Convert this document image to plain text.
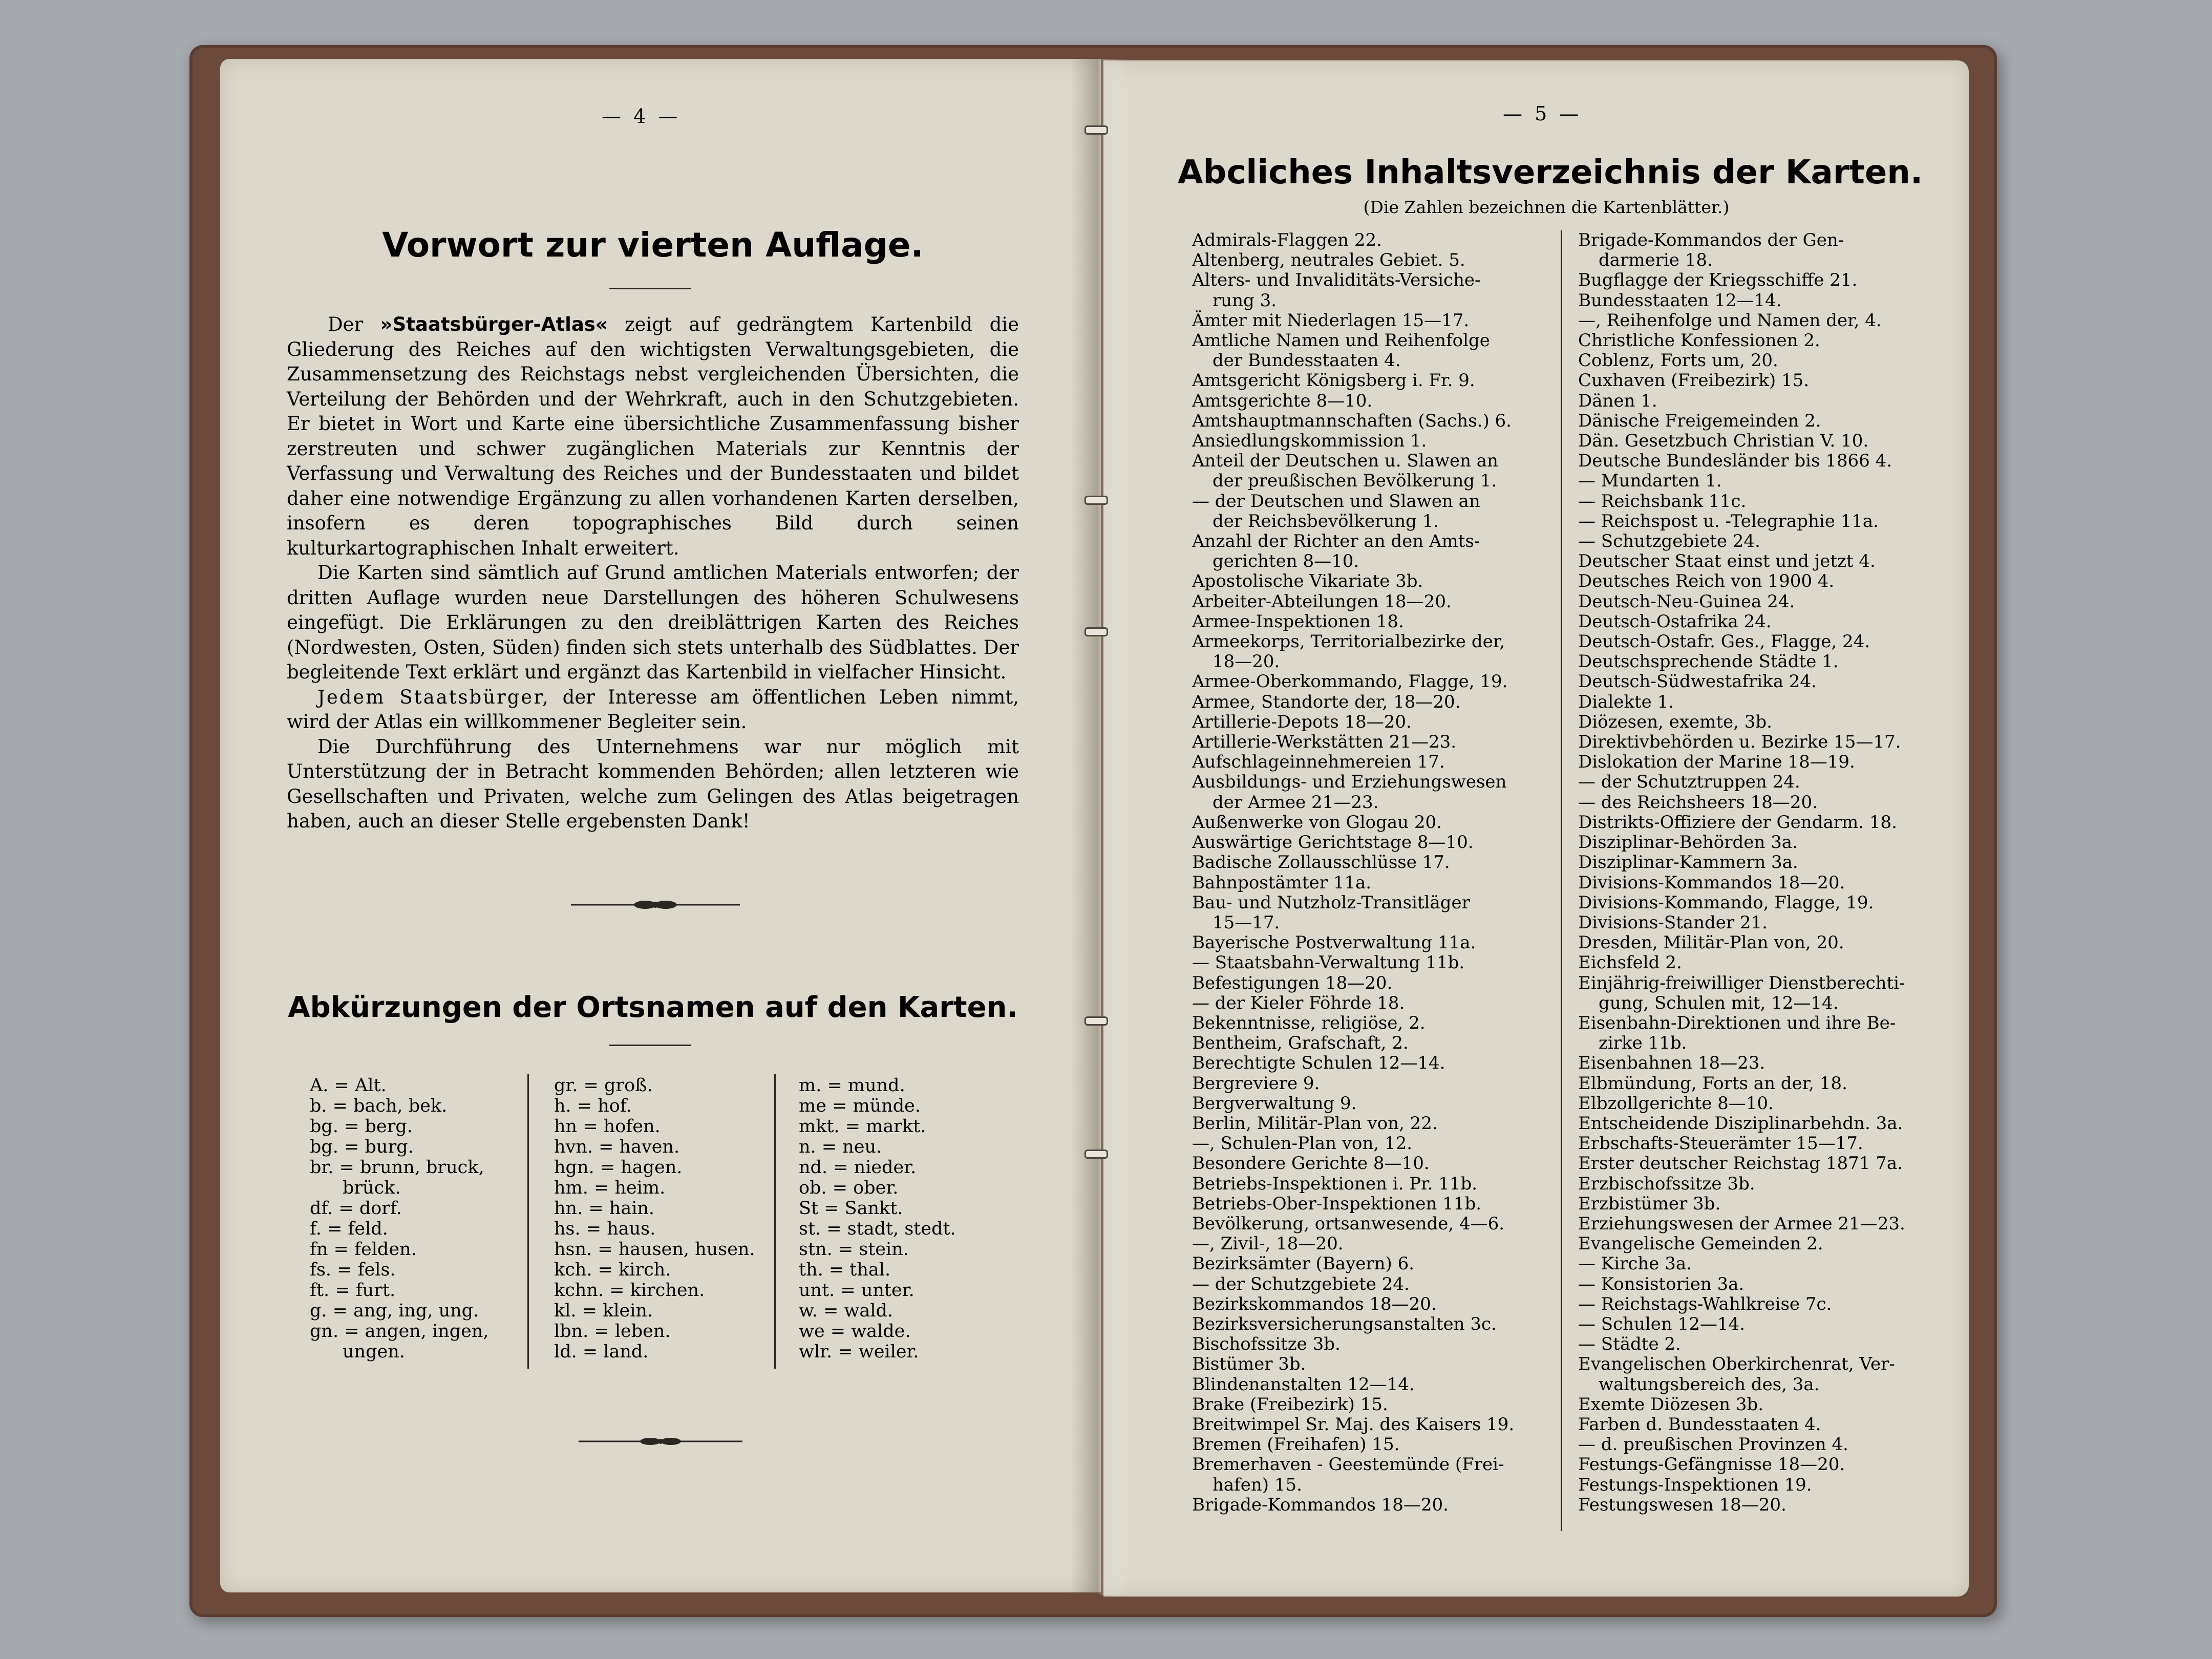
— 4 —
Vorwort zur vierten Auflage.

Der »Staatsbürger-Atlas« zeigt auf gedrängtem Kartenbild die Gliederung des Reiches auf den wichtigsten Verwaltungsgebieten, die Zusammensetzung des Reichstags nebst vergleichenden Übersichten, die Verteilung der Behörden und der Wehrkraft, auch in den Schutzgebieten. Er bietet in Wort und Karte eine übersichtliche Zusammenfassung bisher zerstreuten und schwer zugänglichen Materials zur Kenntnis der Verfassung und Verwaltung des Reiches und der Bundesstaaten und bildet daher eine notwendige Ergänzung zu allen vorhandenen Karten derselben, insofern es deren topographisches Bild durch seinen kulturkartographischen Inhalt erweitert.

Die Karten sind sämtlich auf Grund amtlichen Materials entworfen; der dritten Auflage wurden neue Darstellungen des höheren Schulwesens eingefügt. Die Erklärungen zu den dreiblättrigen Karten des Reiches (Nordwesten, Osten, Süden) finden sich stets unterhalb des Südblattes. Der begleitende Text erklärt und ergänzt das Kartenbild in vielfacher Hinsicht.

Jedem Staatsbürger, der Interesse am öffentlichen Leben nimmt, wird der Atlas ein willkommener Begleiter sein.

Die Durchführung des Unternehmens war nur möglich mit Unterstützung der in Betracht kommenden Behörden; allen letzteren wie Gesellschaften und Privaten, welche zum Gelingen des Atlas beigetragen haben, auch an dieser Stelle ergebensten Dank!

Abkürzungen der Ortsnamen auf den Karten.
A. = Alt.
b. = bach, bek.
bg. = berg.
bg. = burg.
br. = brunn, bruck,
brück.
df. = dorf.
f. = feld.
fn = felden.
fs. = fels.
ft. = furt.
g. = ang, ing, ung.
gn. = angen, ingen,
ungen.
gr. = groß.
h. = hof.
hn = hofen.
hvn. = haven.
hgn. = hagen.
hm. = heim.
hn. = hain.
hs. = haus.
hsn. = hausen, husen.
kch. = kirch.
kchn. = kirchen.
kl. = klein.
lbn. = leben.
ld. = land.
m. = mund.
me = münde.
mkt. = markt.
n. = neu.
nd. = nieder.
ob. = ober.
St = Sankt.
st. = stadt, stedt.
stn. = stein.
th. = thal.
unt. = unter.
w. = wald.
we = walde.
wlr. = weiler.
— 5 —
Abcliches Inhaltsverzeichnis der Karten.
(Die Zahlen bezeichnen die Kartenblätter.)
Admirals-Flaggen 22.
Altenberg, neutrales Gebiet. 5.
Alters- und Invaliditäts-Versiche-
rung 3.
Ämter mit Niederlagen 15—17.
Amtliche Namen und Reihenfolge
der Bundesstaaten 4.
Amtsgericht Königsberg i. Fr. 9.
Amtsgerichte 8—10.
Amtshauptmannschaften (Sachs.) 6.
Ansiedlungskommission 1.
Anteil der Deutschen u. Slawen an
der preußischen Bevölkerung 1.
— der Deutschen und Slawen an
der Reichsbevölkerung 1.
Anzahl der Richter an den Amts-
gerichten 8—10.
Apostolische Vikariate 3b.
Arbeiter-Abteilungen 18—20.
Armee-Inspektionen 18.
Armeekorps, Territorialbezirke der,
18—20.
Armee-Oberkommando, Flagge, 19.
Armee, Standorte der, 18—20.
Artillerie-Depots 18—20.
Artillerie-Werkstätten 21—23.
Aufschlageinnehmereien 17.
Ausbildungs- und Erziehungswesen
der Armee 21—23.
Außenwerke von Glogau 20.
Auswärtige Gerichtstage 8—10.
Badische Zollausschlüsse 17.
Bahnpostämter 11a.
Bau- und Nutzholz-Transitläger
15—17.
Bayerische Postverwaltung 11a.
— Staatsbahn-Verwaltung 11b.
Befestigungen 18—20.
— der Kieler Föhrde 18.
Bekenntnisse, religiöse, 2.
Bentheim, Grafschaft, 2.
Berechtigte Schulen 12—14.
Bergreviere 9.
Bergverwaltung 9.
Berlin, Militär-Plan von, 22.
—, Schulen-Plan von, 12.
Besondere Gerichte 8—10.
Betriebs-Inspektionen i. Pr. 11b.
Betriebs-Ober-Inspektionen 11b.
Bevölkerung, ortsanwesende, 4—6.
—, Zivil-, 18—20.
Bezirksämter (Bayern) 6.
— der Schutzgebiete 24.
Bezirkskommandos 18—20.
Bezirksversicherungsanstalten 3c.
Bischofssitze 3b.
Bistümer 3b.
Blindenanstalten 12—14.
Brake (Freibezirk) 15.
Breitwimpel Sr. Maj. des Kaisers 19.
Bremen (Freihafen) 15.
Bremerhaven - Geestemünde (Frei-
hafen) 15.
Brigade-Kommandos 18—20.
Brigade-Kommandos der Gen-
darmerie 18.
Bugflagge der Kriegsschiffe 21.
Bundesstaaten 12—14.
—, Reihenfolge und Namen der, 4.
Christliche Konfessionen 2.
Coblenz, Forts um, 20.
Cuxhaven (Freibezirk) 15.
Dänen 1.
Dänische Freigemeinden 2.
Dän. Gesetzbuch Christian V. 10.
Deutsche Bundesländer bis 1866 4.
— Mundarten 1.
— Reichsbank 11c.
— Reichspost u. -Telegraphie 11a.
— Schutzgebiete 24.
Deutscher Staat einst und jetzt 4.
Deutsches Reich von 1900 4.
Deutsch-Neu-Guinea 24.
Deutsch-Ostafrika 24.
Deutsch-Ostafr. Ges., Flagge, 24.
Deutschsprechende Städte 1.
Deutsch-Südwestafrika 24.
Dialekte 1.
Diözesen, exemte, 3b.
Direktivbehörden u. Bezirke 15—17.
Dislokation der Marine 18—19.
— der Schutztruppen 24.
— des Reichsheers 18—20.
Distrikts-Offiziere der Gendarm. 18.
Disziplinar-Behörden 3a.
Disziplinar-Kammern 3a.
Divisions-Kommandos 18—20.
Divisions-Kommando, Flagge, 19.
Divisions-Stander 21.
Dresden, Militär-Plan von, 20.
Eichsfeld 2.
Einjährig-freiwilliger Dienstberechti-
gung, Schulen mit, 12—14.
Eisenbahn-Direktionen und ihre Be-
zirke 11b.
Eisenbahnen 18—23.
Elbmündung, Forts an der, 18.
Elbzollgerichte 8—10.
Entscheidende Disziplinarbehdn. 3a.
Erbschafts-Steuerämter 15—17.
Erster deutscher Reichstag 1871 7a.
Erzbischofssitze 3b.
Erzbistümer 3b.
Erziehungswesen der Armee 21—23.
Evangelische Gemeinden 2.
— Kirche 3a.
— Konsistorien 3a.
— Reichstags-Wahlkreise 7c.
— Schulen 12—14.
— Städte 2.
Evangelischen Oberkirchenrat, Ver-
waltungsbereich des, 3a.
Exemte Diözesen 3b.
Farben d. Bundesstaaten 4.
— d. preußischen Provinzen 4.
Festungs-Gefängnisse 18—20.
Festungs-Inspektionen 19.
Festungswesen 18—20.
